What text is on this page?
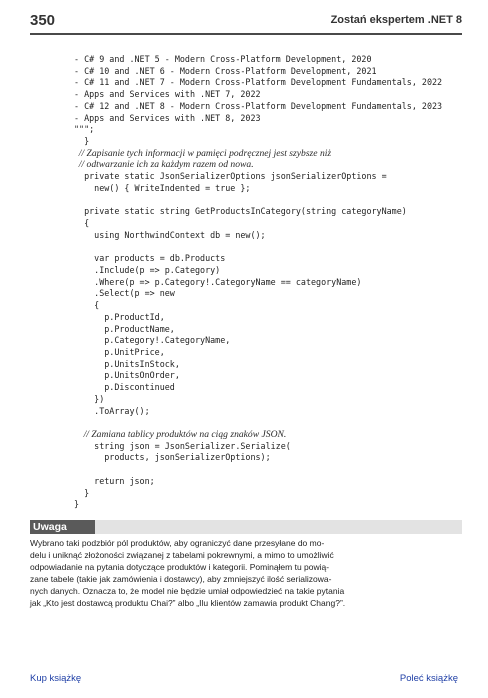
350	Zostań ekspertem .NET 8
- C# 9 and .NET 5 - Modern Cross-Platform Development, 2020
- C# 10 and .NET 6 - Modern Cross-Platform Development, 2021
- C# 11 and .NET 7 - Modern Cross-Platform Development Fundamentals, 2022
- Apps and Services with .NET 7, 2022
- C# 12 and .NET 8 - Modern Cross-Platform Development Fundamentals, 2023
- Apps and Services with .NET 8, 2023
""";
}
// Zapisanie tych informacji w pamięci podręcznej jest szybsze niż
// odtwarzanie ich za każdym razem od nowa.
private static JsonSerializerOptions jsonSerializerOptions =
new() { WriteIndented = true };
private static string GetProductsInCategory(string categoryName)
{
using NorthwindContext db = new();
var products = db.Products
.Include(p => p.Category)
.Where(p => p.Category!.CategoryName == categoryName)
.Select(p => new
{
p.ProductId,
p.ProductName,
p.Category!.CategoryName,
p.UnitPrice,
p.UnitsInStock,
p.UnitsOnOrder,
p.Discontinued
})
.ToArray();
// Zamiana tablicy produktów na ciąg znaków JSON.
string json = JsonSerializer.Serialize(
products, jsonSerializerOptions);
return json;
}
}
Uwaga
Wybrano taki podzbiór pól produktów, aby ograniczyć dane przesyłane do mo-
delu i uniknąć złożoności związanej z tabelami pokrewnymi, a mimo to umożliwić
odpowiadanie na pytania dotyczące produktów i kategorii. Pominąłem tu powią-
zane tabele (takie jak zamówienia i dostawcy), aby zmniejszyć ilość serializowa-
nych danych. Oznacza to, że model nie będzie umiał odpowiedzieć na takie pytania
jak „Kto jest dostawcą produktu Chai?” albo „Ilu klientów zamawia produkt Chang?”.
Kup książkę	Poleć książkę
